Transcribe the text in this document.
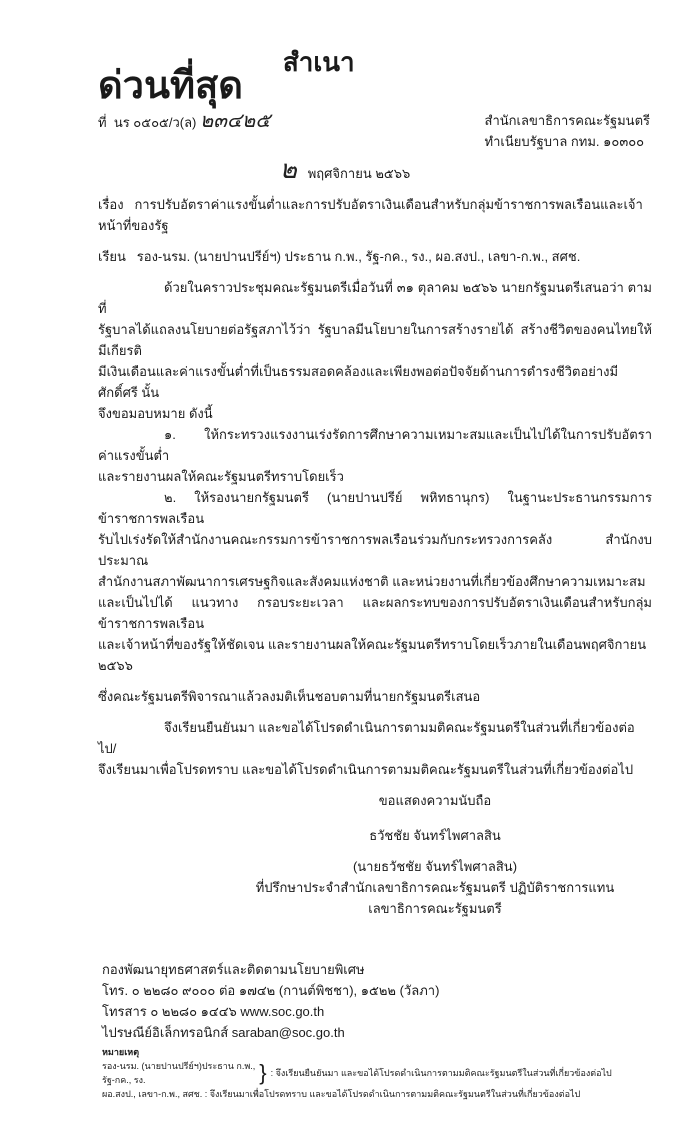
ด่วนที่สุด สำเนา
ที่ นร ๐๕๐๕/ว(ล) ๒๓๔๒๕	สำนักเลขาธิการคณะรัฐมนตรี
ทำเนียบรัฐบาล กทม. ๑๐๓๐๐
๒ พฤศจิกายน ๒๕๖๖
เรื่อง การปรับอัตราค่าแรงขั้นต่ำและการปรับอัตราเงินเดือนสำหรับกลุ่มข้าราชการพลเรือนและเจ้าหน้าที่ของรัฐ
เรียน รอง-นรม. (นายปานปรีย์ฯ) ประธาน ก.พ., รัฐ-กค., รง., ผอ.สงป., เลขา-ก.พ., สศช.
ด้วยในคราวประชุมคณะรัฐมนตรีเมื่อวันที่ ๓๑ ตุลาคม ๒๕๖๖ นายกรัฐมนตรีเสนอว่า ตามที่
รัฐบาลได้แถลงนโยบายต่อรัฐสภาไว้ว่า รัฐบาลมีนโยบายในการสร้างรายได้ สร้างชีวิตของคนไทยให้มีเกียรติ
มีเงินเดือนและค่าแรงขั้นต่ำที่เป็นธรรมสอดคล้องและเพียงพอต่อปัจจัยด้านการดำรงชีวิตอย่างมีศักดิ์ศรี นั้น
จึงขอมอบหมาย ดังนี้
๑. ให้กระทรวงแรงงานเร่งรัดการศึกษาความเหมาะสมและเป็นไปได้ในการปรับอัตราค่าแรงขั้นต่ำ
และรายงานผลให้คณะรัฐมนตรีทราบโดยเร็ว
๒. ให้รองนายกรัฐมนตรี (นายปานปรีย์ พหิทธานุกร) ในฐานะประธานกรรมการข้าราชการพลเรือน
รับไปเร่งรัดให้สำนักงานคณะกรรมการข้าราชการพลเรือนร่วมกับกระทรวงการคลัง สำนักงบประมาณ
สำนักงานสภาพัฒนาการเศรษฐกิจและสังคมแห่งชาติ และหน่วยงานที่เกี่ยวข้องศึกษาความเหมาะสม
และเป็นไปได้ แนวทาง กรอบระยะเวลา และผลกระทบของการปรับอัตราเงินเดือนสำหรับกลุ่มข้าราชการพลเรือน
และเจ้าหน้าที่ของรัฐให้ชัดเจน และรายงานผลให้คณะรัฐมนตรีทราบโดยเร็วภายในเดือนพฤศจิกายน ๒๕๖๖
ซึ่งคณะรัฐมนตรีพิจารณาแล้วลงมติเห็นชอบตามที่นายกรัฐมนตรีเสนอ
จึงเรียนยืนยันมา และขอได้โปรดดำเนินการตามมติคณะรัฐมนตรีในส่วนที่เกี่ยวข้องต่อไป/
จึงเรียนมาเพื่อโปรดทราบ และขอได้โปรดดำเนินการตามมติคณะรัฐมนตรีในส่วนที่เกี่ยวข้องต่อไป
ขอแสดงความนับถือ
ธวัชชัย จันทร์ไพศาลสิน
(นายธวัชชัย จันทร์ไพศาลสิน)
ที่ปรึกษาประจำสำนักเลขาธิการคณะรัฐมนตรี ปฏิบัติราชการแทน
เลขาธิการคณะรัฐมนตรี
กองพัฒนายุทธศาสตร์และติดตามนโยบายพิเศษ
โทร. ๐ ๒๒๘๐ ๙๐๐๐ ต่อ ๑๗๔๒ (กานต์พิชชา), ๑๕๒๒ (วัลภา)
โทรสาร ๐ ๒๒๘๐ ๑๔๔๖ www.soc.go.th
ไปรษณีย์อิเล็กทรอนิกส์ saraban@soc.go.th
หมายเหตุ
รอง-นรม. (นายปานปรีย์ฯ)ประธาน ก.พ.,
รัฐ-กค., รง.	} : จึงเรียนยืนยันมา และขอได้โปรดดำเนินการตามมติคณะรัฐมนตรีในส่วนที่เกี่ยวข้องต่อไป
ผอ.สงป., เลขา-ก.พ., สศช. : จึงเรียนมาเพื่อโปรดทราบ และขอได้โปรดดำเนินการตามมติคณะรัฐมนตรีในส่วนที่เกี่ยวข้องต่อไป
